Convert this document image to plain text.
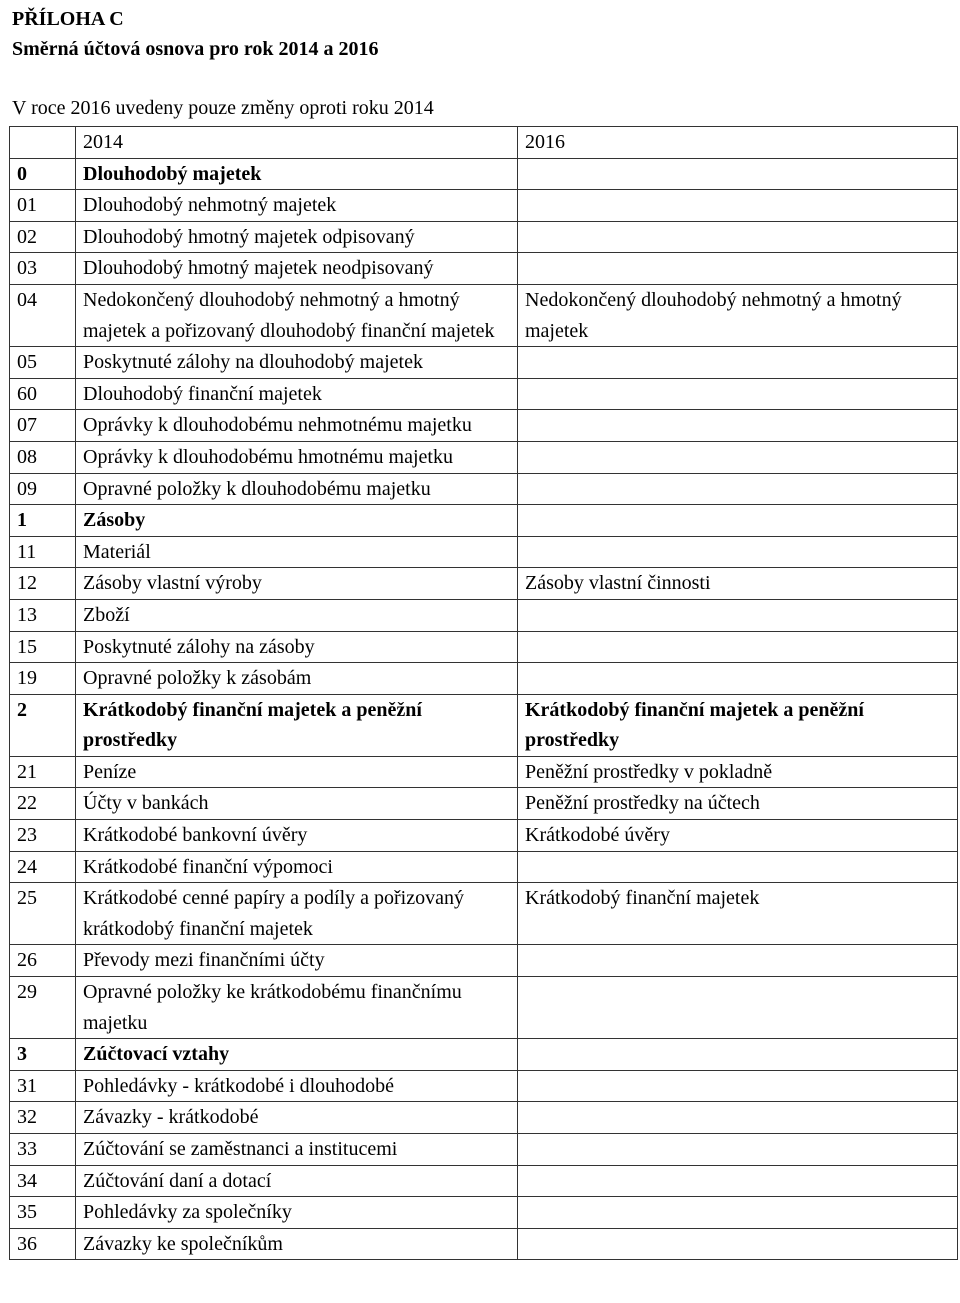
PŘÍLOHA C
Směrná účtová osnova pro rok 2014 a 2016
V roce 2016 uvedeny pouze změny oproti roku 2014
	2014	2016
0	Dlouhodobý majetek	
01	Dlouhodobý nehmotný majetek	
02	Dlouhodobý hmotný majetek odpisovaný	
03	Dlouhodobý hmotný majetek neodpisovaný	
04	Nedokončený dlouhodobý nehmotný a hmotný majetek a pořizovaný dlouhodobý finanční majetek	Nedokončený dlouhodobý nehmotný a hmotný majetek
05	Poskytnuté zálohy na dlouhodobý majetek	
60	Dlouhodobý finanční majetek	
07	Oprávky k dlouhodobému nehmotnému majetku	
08	Oprávky k dlouhodobému hmotnému majetku	
09	Opravné položky k dlouhodobému majetku	
1	Zásoby	
11	Materiál	
12	Zásoby vlastní výroby	Zásoby vlastní činnosti
13	Zboží	
15	Poskytnuté zálohy na zásoby	
19	Opravné položky k zásobám	
2	Krátkodobý finanční majetek a peněžní prostředky	Krátkodobý finanční majetek a peněžní prostředky
21	Peníze	Peněžní prostředky v pokladně
22	Účty v bankách	Peněžní prostředky na účtech
23	Krátkodobé bankovní úvěry	Krátkodobé úvěry
24	Krátkodobé finanční výpomoci	
25	Krátkodobé cenné papíry a podíly a pořizovaný krátkodobý finanční majetek	Krátkodobý finanční majetek
26	Převody mezi finančními účty	
29	Opravné položky ke krátkodobému finančnímu majetku	
3	Zúčtovací vztahy	
31	Pohledávky - krátkodobé i dlouhodobé	
32	Závazky - krátkodobé	
33	Zúčtování se zaměstnanci a institucemi	
34	Zúčtování daní a dotací	
35	Pohledávky za společníky	
36	Závazky ke společníkům	
